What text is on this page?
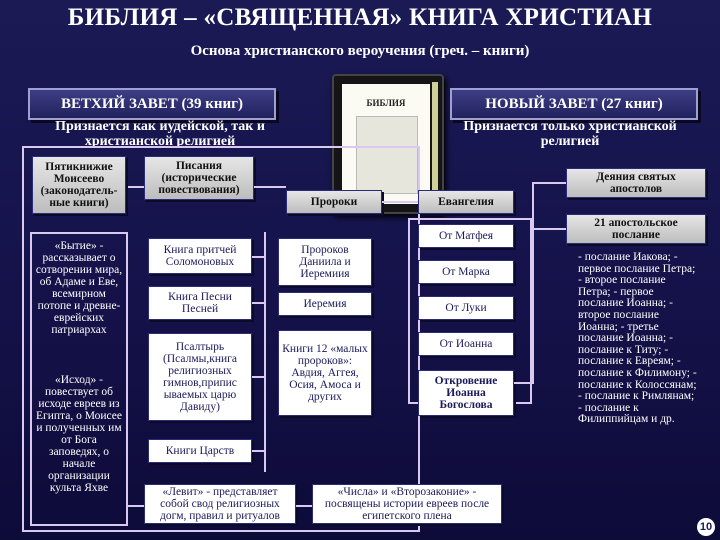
БИБЛИЯ – «СВЯЩЕННАЯ» КНИГА ХРИСТИАН
Основа христианского вероучения (греч. – книги)
БИБЛИЯ
ВЕТХИЙ ЗАВЕТ (39 книг)	НОВЫЙ ЗАВЕТ (27 книг)
Признается как иудейской, так и христианской религией
Признается только христианской религией
Пятикнижие Моисеево (законодатель-ные книги)
Писания (исторические повествования)
Пророки
«Бытие» - рассказывает о сотворении мира, об Адаме и Еве, всемирном потопе и древне-еврейских патриархах
«Исход» - повествует об исходе евреев из Египта, о Моисее и полученных им от Бога заповедях, о начале организации культа Яхве
Книга притчей Соломоновых
Книга Песни Песней
Псалтырь (Псалмы,книга религиозных гимнов,припис ываемых царю Давиду)
Книги Царств
Пророков Даниила и Иеремиия
Иеремия
Книги 12 «малых пророков»: Авдия, Аггея, Осия, Амоса и других
«Левит» - представляет собой свод религиозных догм, правил и ритуалов
«Числа» и «Второзаконие» - посвящены истории евреев после египетского плена
Евангелия
От Матфея
От Марка
От Луки
От Иоанна
Откровение Иоанна Богослова
Деяния святых апостолов
21 апостольское послание
- послание Иакова; - первое послание Петра; - второе послание Петра; - первое послание Иоанна; - второе послание Иоанна; - третье послание Иоанна; - послание к Титу; - послание к Евреям; - послание к Филимону; - послание к Колоссянам; - послание к Римлянам; - послание к Филиппийцам и др.
10
